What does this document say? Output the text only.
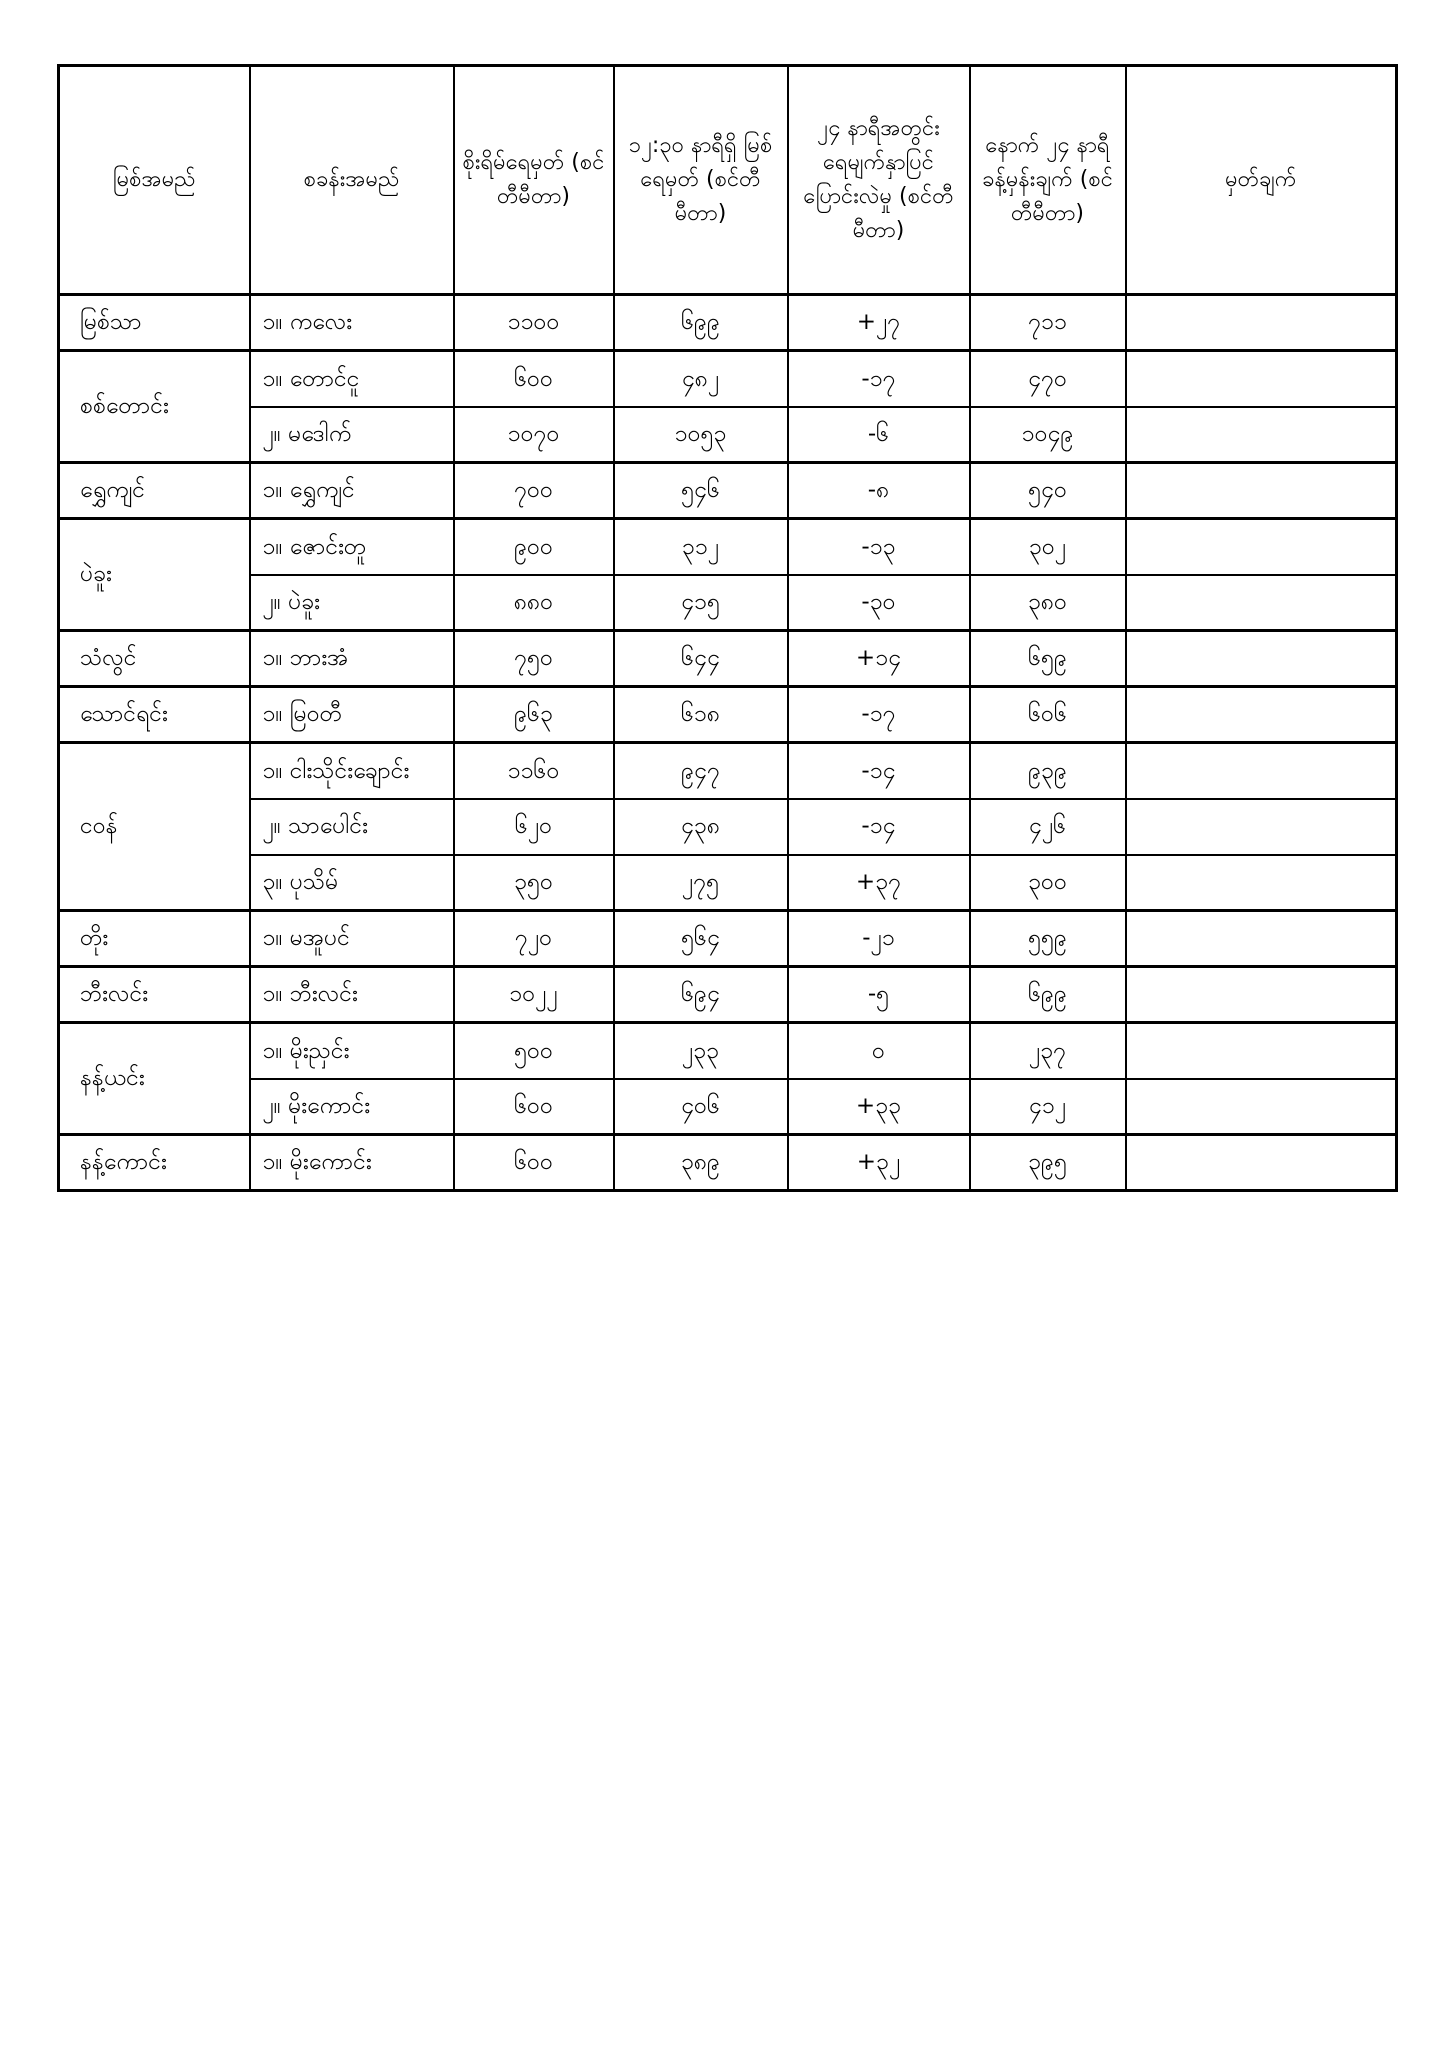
မြစ်အမည်	စခန်းအမည်	စိုးရိမ်ရေမှတ် (စင်တီမီတာ)	၁၂:၃၀ နာရီရှိ မြစ်ရေမှတ် (စင်တီမီတာ)	၂၄ နာရီအတွင်း ရေမျက်နှာပြင် ပြောင်းလဲမှု (စင်တီမီတာ)	နောက် ၂၄ နာရီ ခန့်မှန်းချက် (စင်တီမီတာ)	မှတ်ချက်
မြစ်သာ	၁။ ကလေး	၁၁၀၀	၆၉၉	+၂၇	၇၁၁	
စစ်တောင်း	၁။ တောင်ငူ	၆၀၀	၄၈၂	-၁၇	၄၇၀	
	၂။ မဒေါက်	၁၀၇၀	၁၀၅၃	-၆	၁၀၄၉	
ရွှေကျင်	၁။ ရွှေကျင်	၇၀၀	၅၄၆	-၈	၅၄၀	
ပဲခူး	၁။ ဇောင်းတူ	၉၀၀	၃၁၂	-၁၃	၃၀၂	
	၂။ ပဲခူး	၈၈၀	၄၁၅	-၃၀	၃၈၀	
သံလွင်	၁။ ဘားအံ	၇၅၀	၆၄၄	+၁၄	၆၅၉	
သောင်ရင်း	၁။ မြဝတီ	၉၆၃	၆၁၈	-၁၇	၆၀၆	
ငဝန်	၁။ ငါးသိုင်းချောင်း	၁၁၆၀	၉၄၇	-၁၄	၉၃၉	
	၂။ သာပေါင်း	၆၂၀	၄၃၈	-၁၄	၄၂၆	
	၃။ ပုသိမ်	၃၅၀	၂၇၅	+၃၇	၃၀၀	
တိုး	၁။ မအူပင်	၇၂၀	၅၆၄	-၂၁	၅၅၉	
ဘီးလင်း	၁။ ဘီးလင်း	၁၀၂၂	၆၉၄	-၅	၆၉၉	
နန့်ယင်း	၁။ မိုးညှင်း	၅၀၀	၂၃၃	၀	၂၃၇	
	၂။ မိုးကောင်း	၆၀၀	၄၀၆	+၃၃	၄၁၂	
နန့်ကောင်း	၁။ မိုးကောင်း	၆၀၀	၃၈၉	+၃၂	၃၉၅	
